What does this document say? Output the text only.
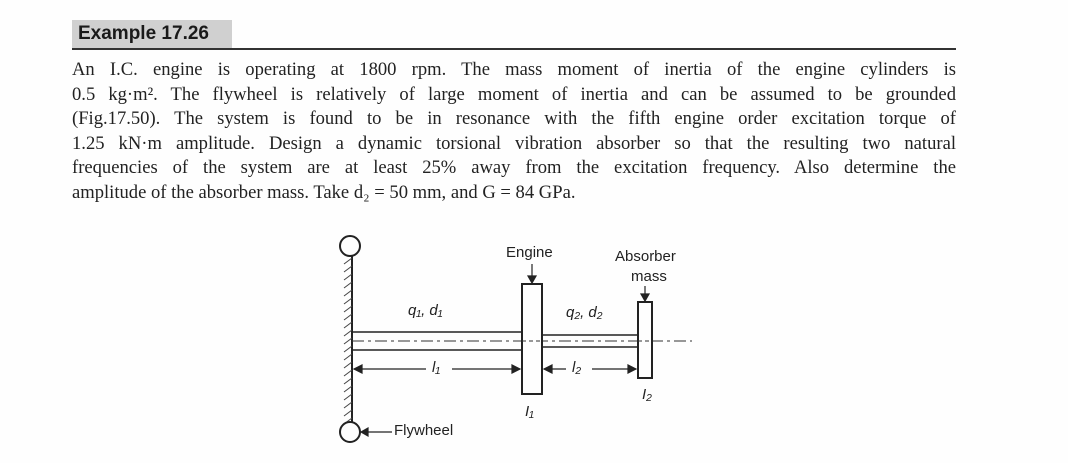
Example 17.26
An I.C. engine is operating at 1800 rpm. The mass moment of inertia of the engine cylinders is
0.5 kg·m². The flywheel is relatively of large moment of inertia and can be assumed to be grounded
(Fig.17.50). The system is found to be in resonance with the fifth engine order excitation torque of
1.25 kN·m amplitude. Design a dynamic torsional vibration absorber so that the resulting two natural
frequencies of the system are at least 25% away from the excitation frequency. Also determine the
amplitude of the absorber mass. Take d₂ = 50 mm, and G = 84 GPa.
Engine	Absorber
mass
q₁, d₁	q₂, d₂
l₁	l₂
I₁
I₂
Flywheel
